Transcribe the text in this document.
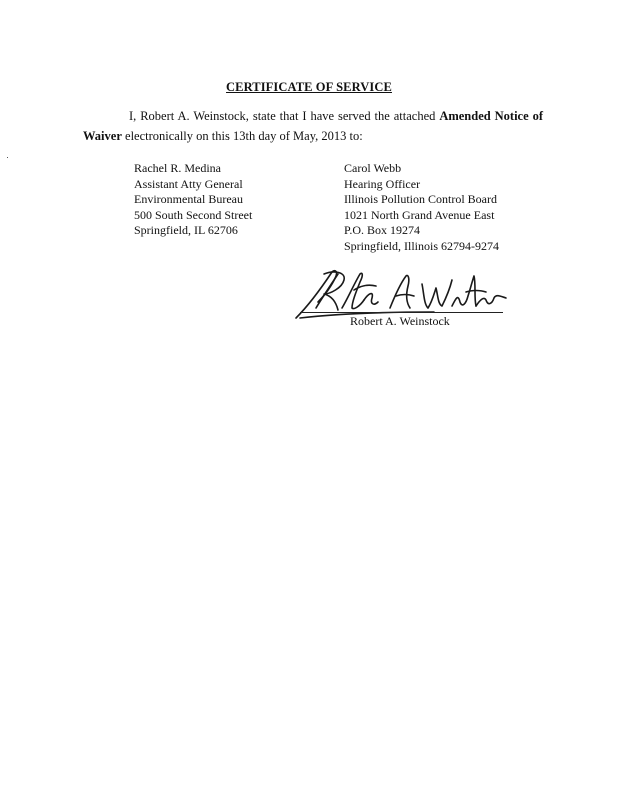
CERTIFICATE OF SERVICE

I, Robert A. Weinstock, state that I have served the attached Amended Notice of

Waiver electronically on this 13th day of May, 2013 to:

Rachel R. Medina
Assistant Atty General
Environmental Bureau
500 South Second Street
Springfield, IL 62706
Carol Webb
Hearing Officer
Illinois Pollution Control Board
1021 North Grand Avenue East
P.O. Box 19274
Springfield, Illinois 62794-9274
Robert A. Weinstock
